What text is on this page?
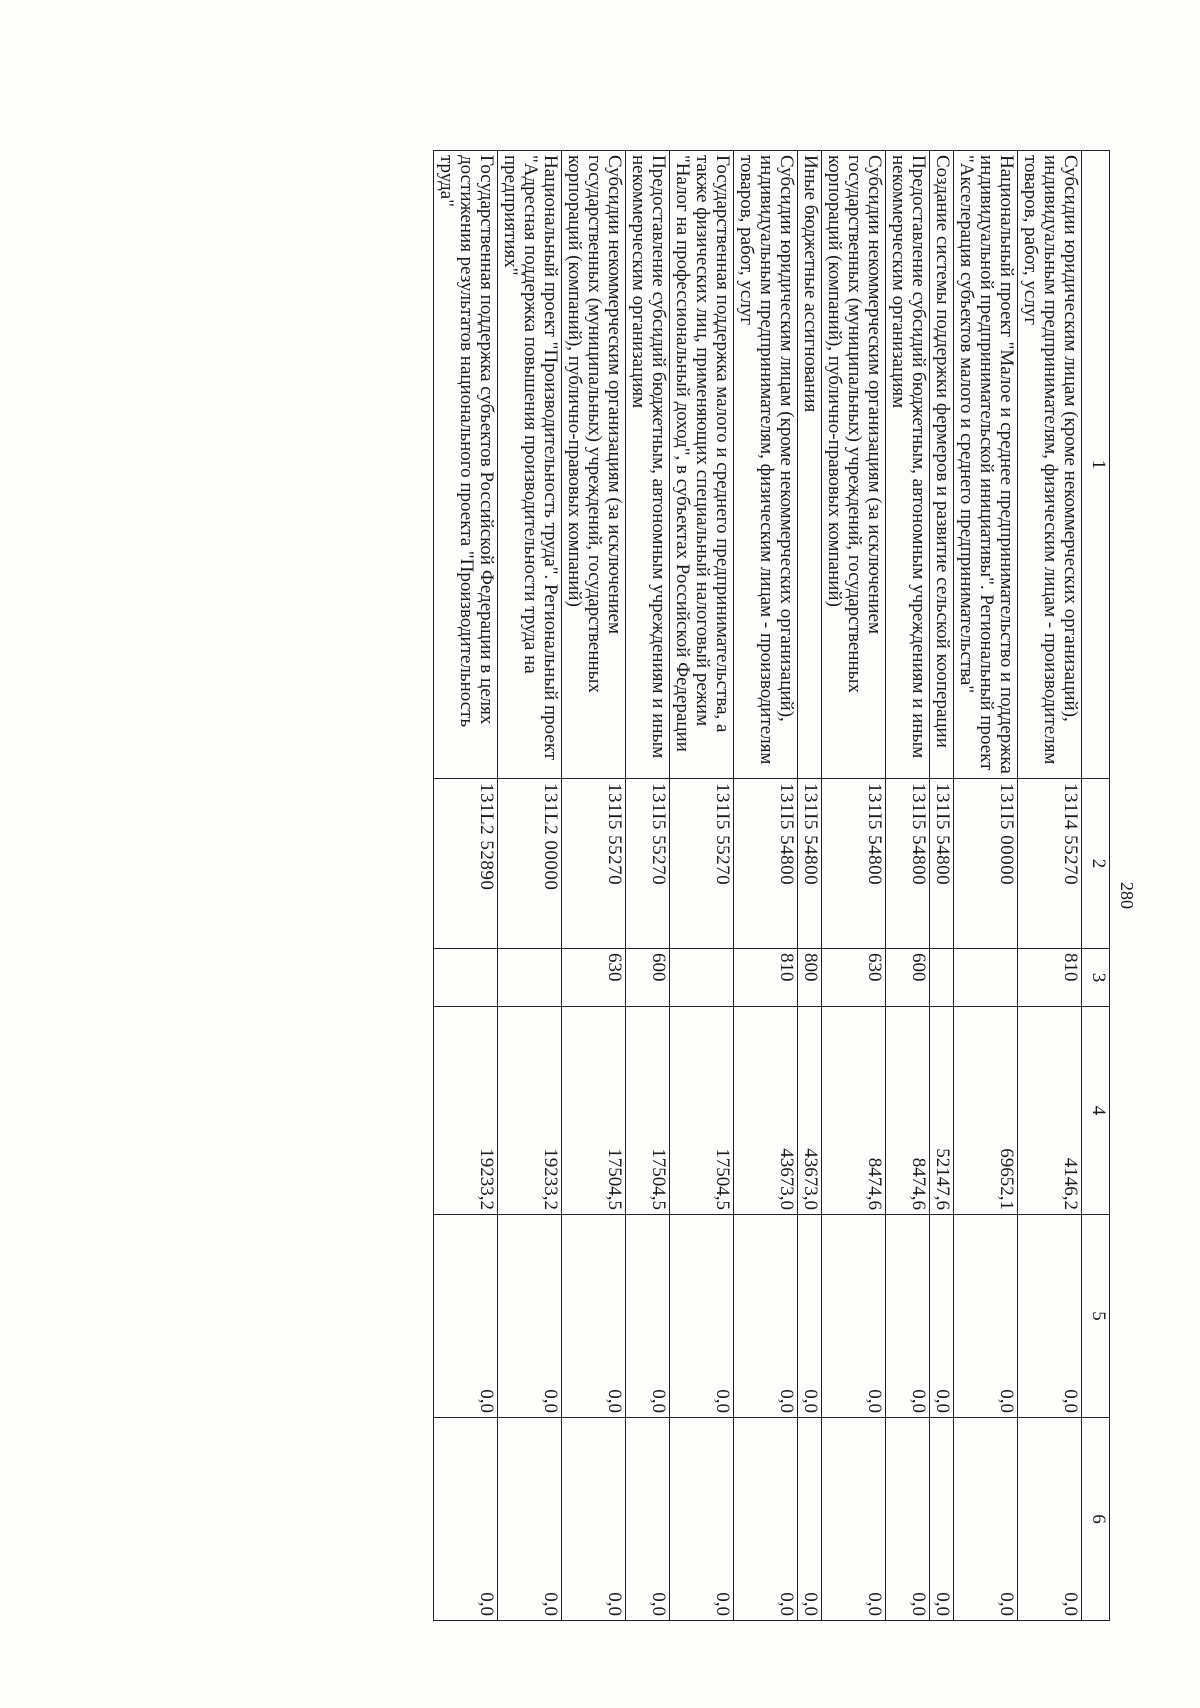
280
1	2	3	4	5	6
Субсидии юридическим лицам (кроме некоммерческих организаций), индивидуальным предпринимателям, физическим лицам - производителям товаров, работ, услуг	131I4 55270	810	4146,2	0,0	0,0
Национальный проект "Малое и среднее предпринимательство и поддержка индивидуальной предпринимательской инициативы". Региональный проект "Акселерация субъектов малого и среднего предпринимательства"	131I5 00000		69652,1	0,0	0,0
Создание системы поддержки фермеров и развитие сельской кооперации	131I5 54800		52147,6	0,0	0,0
Предоставление субсидий бюджетным, автономным учреждениям и иным некоммерческим организациям	131I5 54800	600	8474,6	0,0	0,0
Субсидии некоммерческим организациям (за исключением государственных (муниципальных) учреждений, государственных корпораций (компаний), публично-правовых компаний)	131I5 54800	630	8474,6	0,0	0,0
Иные бюджетные ассигнования	131I5 54800	800	43673,0	0,0	0,0
Субсидии юридическим лицам (кроме некоммерческих организаций), индивидуальным предпринимателям, физическим лицам - производителям товаров, работ, услуг	131I5 54800	810	43673,0	0,0	0,0
Государственная поддержка малого и среднего предпринимательства, а также физических лиц, применяющих специальный налоговый режим "Налог на профессиональный доход", в субъектах Российской Федерации	131I5 55270		17504,5	0,0	0,0
Предоставление субсидий бюджетным, автономным учреждениям и иным некоммерческим организациям	131I5 55270	600	17504,5	0,0	0,0
Субсидии некоммерческим организациям (за исключением государственных (муниципальных) учреждений, государственных корпораций (компаний), публично-правовых компаний)	131I5 55270	630	17504,5	0,0	0,0
Национальный проект "Производительность труда". Региональный проект "Адресная поддержка повышения производительности труда на предприятиях"	131L2 00000		19233,2	0,0	0,0
Государственная поддержка субъектов Российской Федерации в целях достижения результатов национального проекта "Производительность труда"	131L2 52890		19233,2	0,0	0,0
